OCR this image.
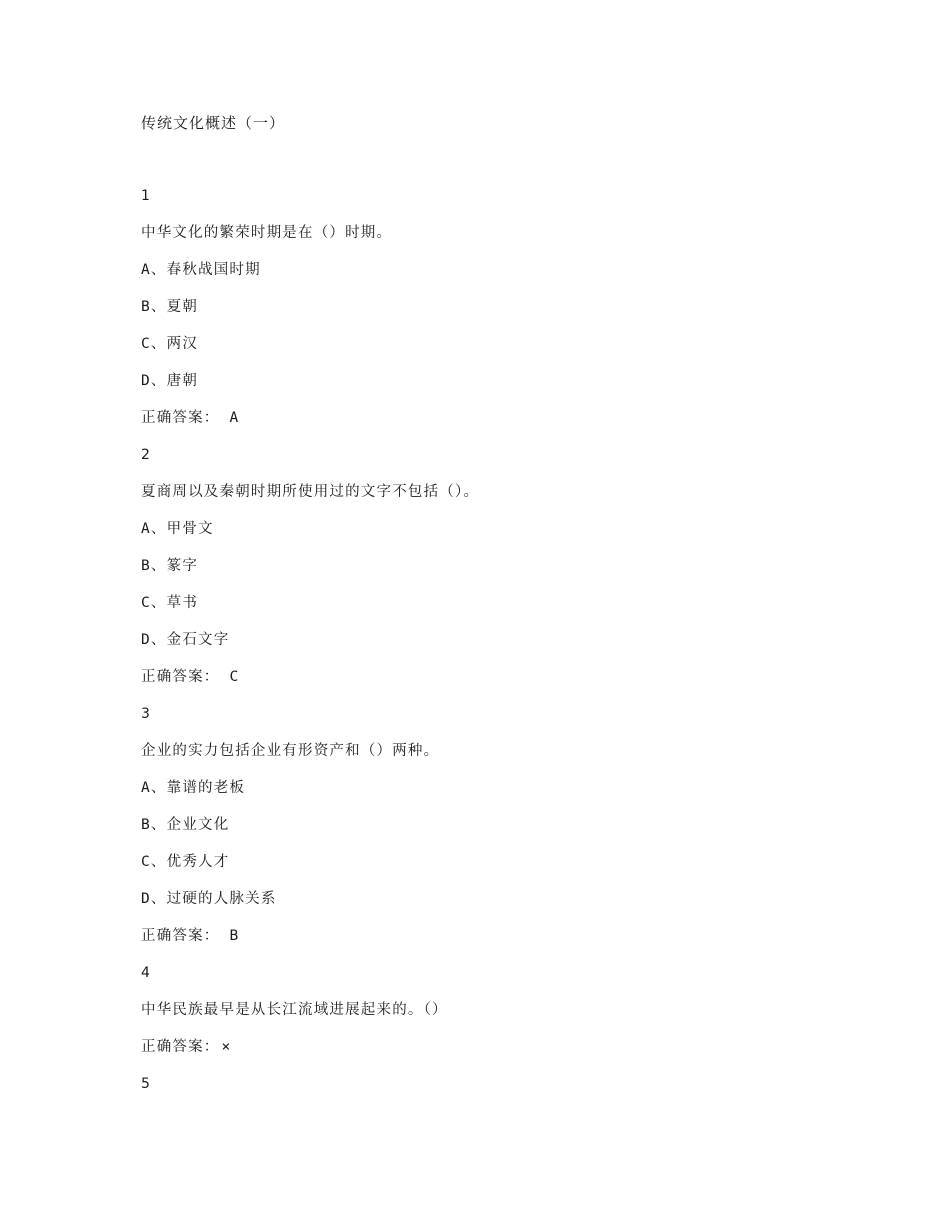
传统文化概述（一）
1
中华文化的繁荣时期是在（）时期。
A、春秋战国时期
B、夏朝
C、两汉
D、唐朝
正确答案： A
2
夏商周以及秦朝时期所使用过的文字不包括（）。
A、甲骨文
B、篆字
C、草书
D、金石文字
正确答案： C
3
企业的实力包括企业有形资产和（）两种。
A、靠谱的老板
B、企业文化
C、优秀人才
D、过硬的人脉关系
正确答案： B
4
中华民族最早是从长江流域进展起来的。（）
正确答案： ×
5
